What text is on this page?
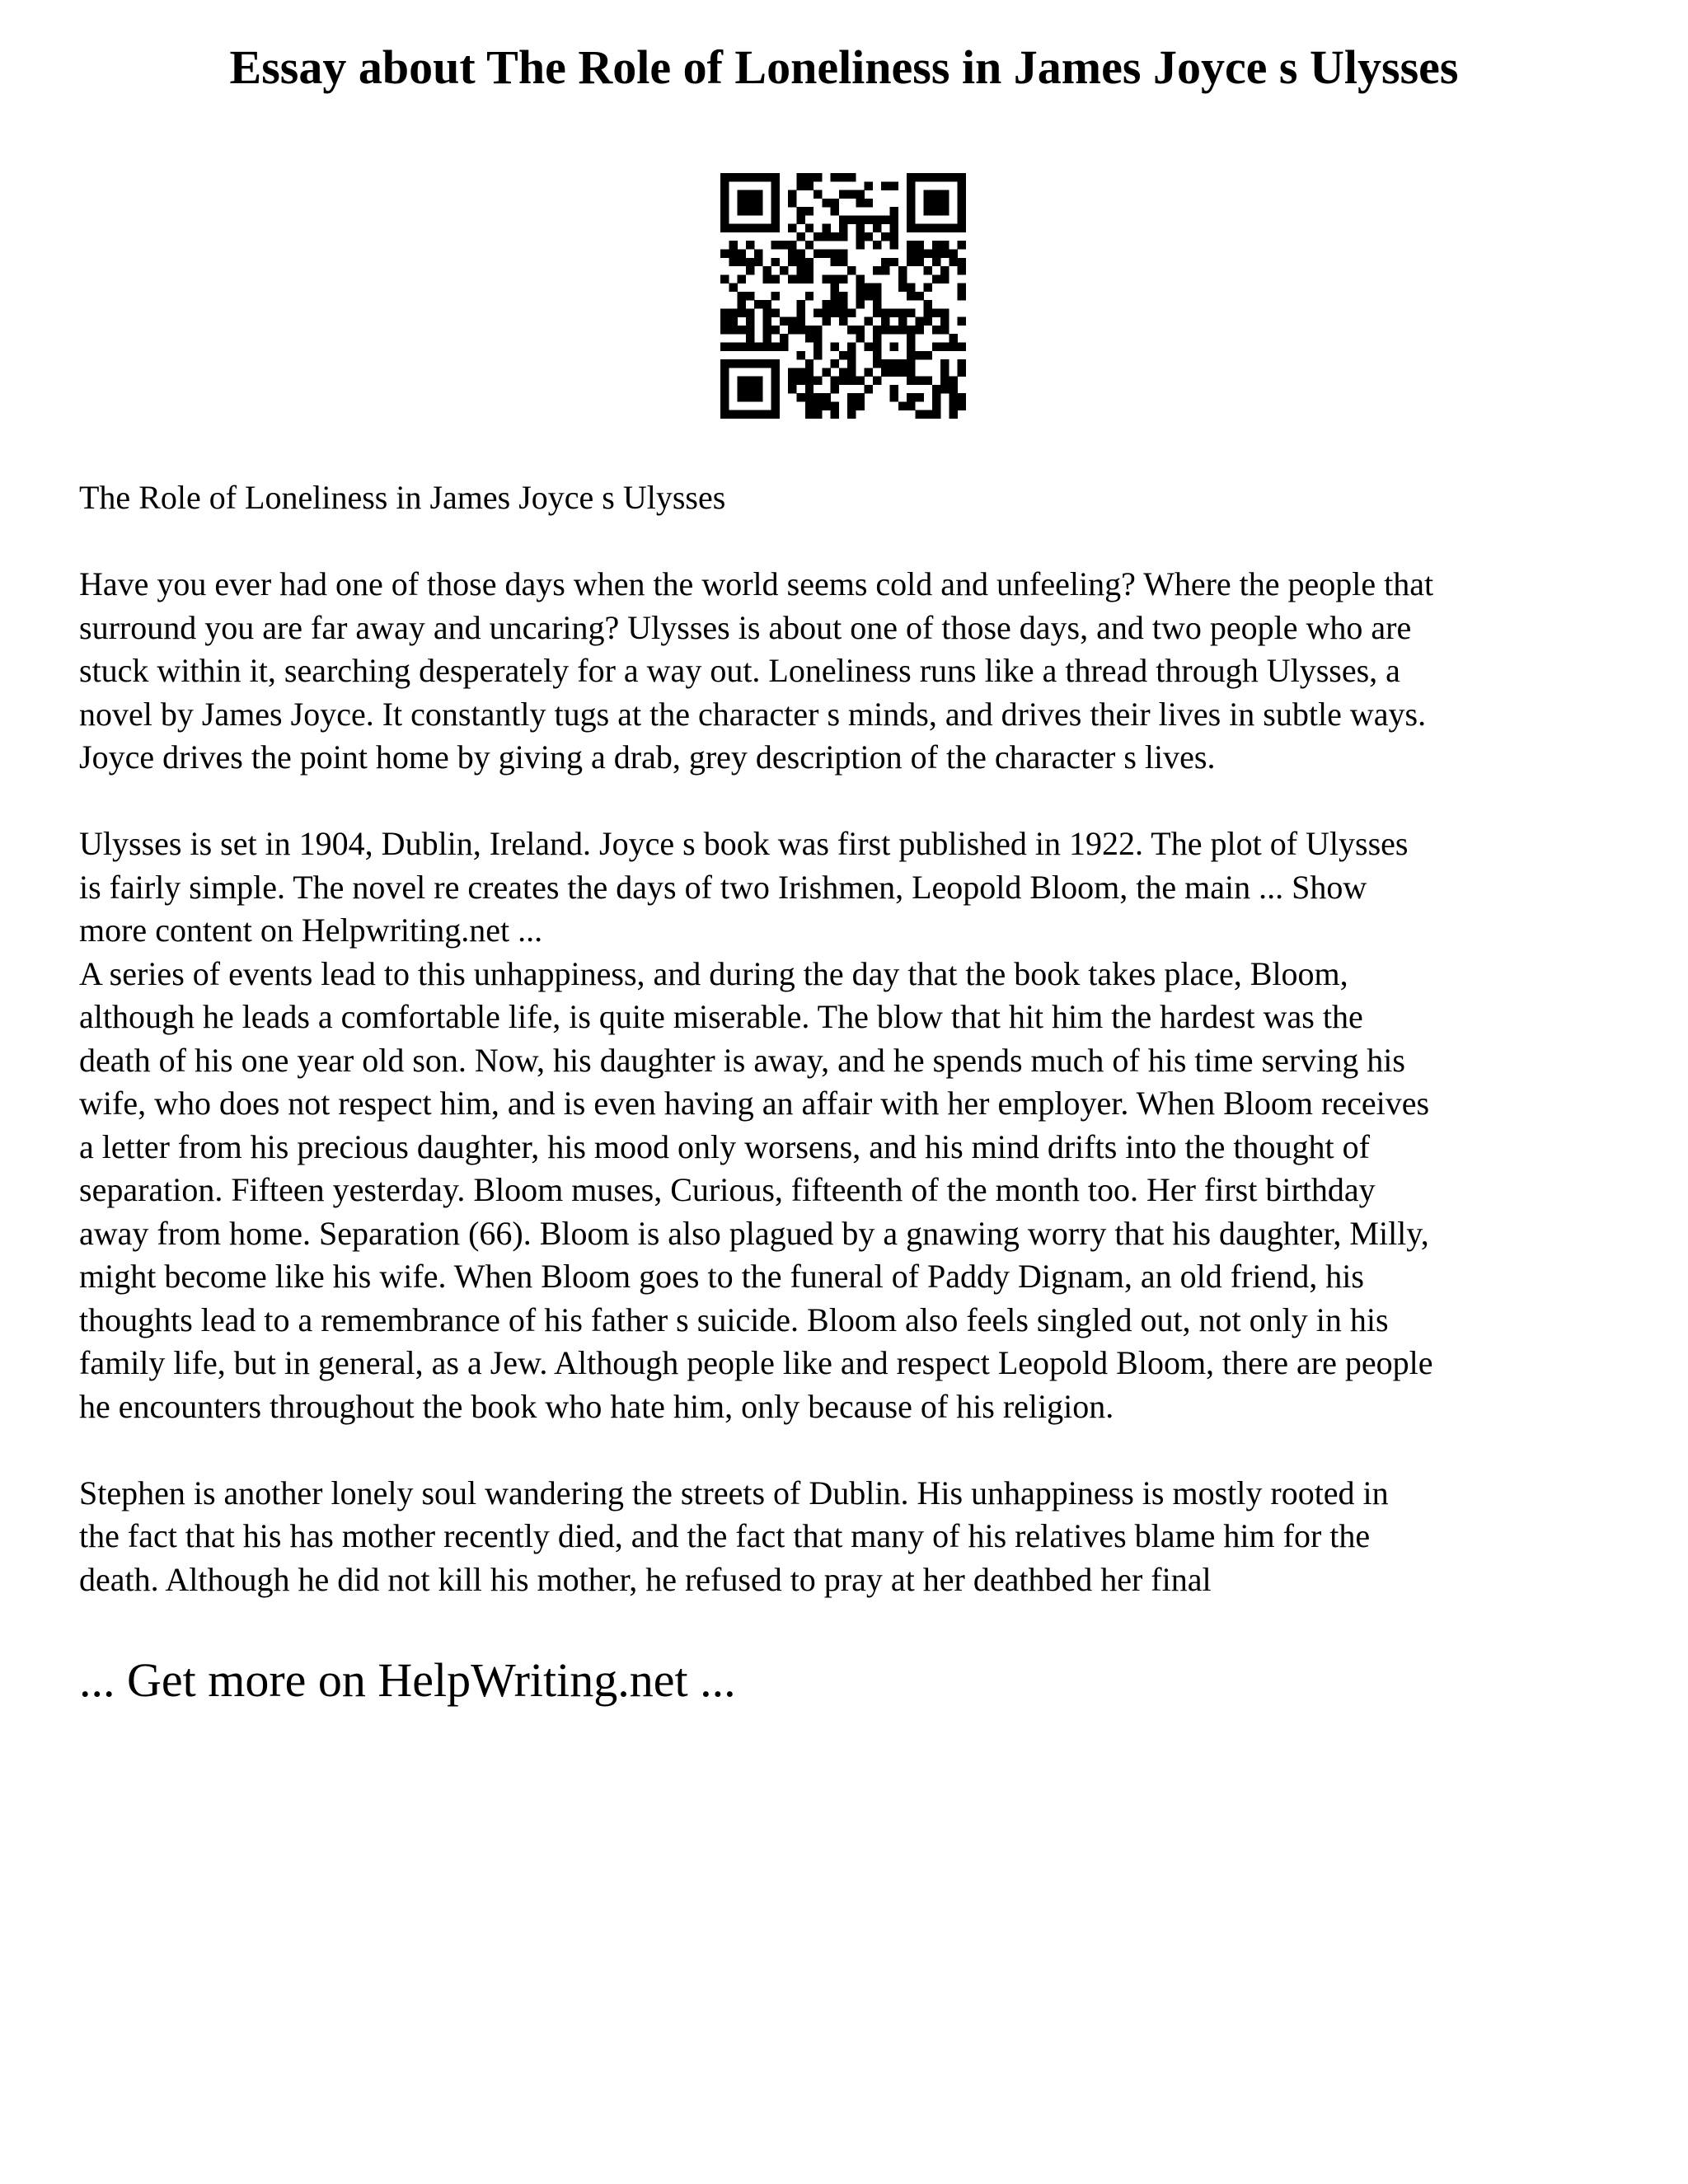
Essay about The Role of Loneliness in James Joyce s Ulysses

The Role of Loneliness in James Joyce s Ulysses

Have you ever had one of those days when the world seems cold and unfeeling? Where the people that
surround you are far away and uncaring? Ulysses is about one of those days, and two people who are
stuck within it, searching desperately for a way out. Loneliness runs like a thread through Ulysses, a
novel by James Joyce. It constantly tugs at the character s minds, and drives their lives in subtle ways.
Joyce drives the point home by giving a drab, grey description of the character s lives.

Ulysses is set in 1904, Dublin, Ireland. Joyce s book was first published in 1922. The plot of Ulysses
is fairly simple. The novel re creates the days of two Irishmen, Leopold Bloom, the main ... Show
more content on Helpwriting.net ...

A series of events lead to this unhappiness, and during the day that the book takes place, Bloom,
although he leads a comfortable life, is quite miserable. The blow that hit him the hardest was the
death of his one year old son. Now, his daughter is away, and he spends much of his time serving his
wife, who does not respect him, and is even having an affair with her employer. When Bloom receives
a letter from his precious daughter, his mood only worsens, and his mind drifts into the thought of
separation. Fifteen yesterday. Bloom muses, Curious, fifteenth of the month too. Her first birthday
away from home. Separation (66). Bloom is also plagued by a gnawing worry that his daughter, Milly,
might become like his wife. When Bloom goes to the funeral of Paddy Dignam, an old friend, his
thoughts lead to a remembrance of his father s suicide. Bloom also feels singled out, not only in his
family life, but in general, as a Jew. Although people like and respect Leopold Bloom, there are people
he encounters throughout the book who hate him, only because of his religion.

Stephen is another lonely soul wandering the streets of Dublin. His unhappiness is mostly rooted in
the fact that his has mother recently died, and the fact that many of his relatives blame him for the
death. Although he did not kill his mother, he refused to pray at her deathbed her final

... Get more on HelpWriting.net ...
